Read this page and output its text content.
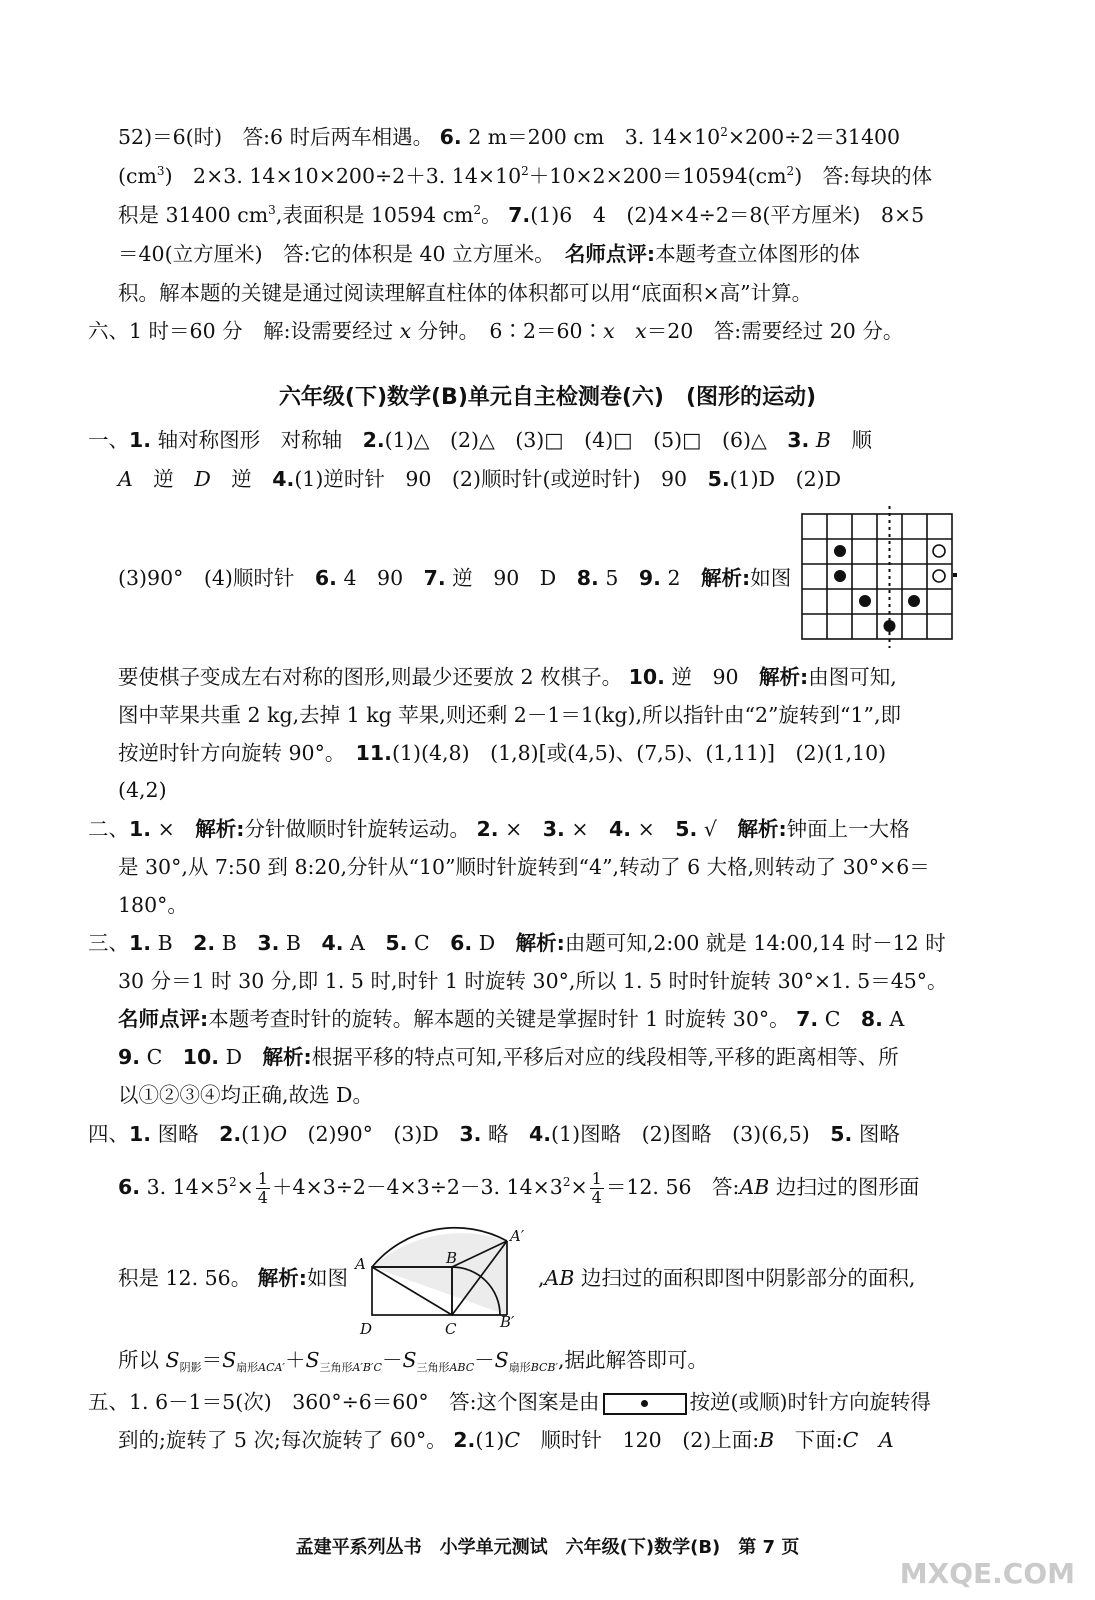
52)＝6(时)　答:6 时后两车相遇。 6. 2 m＝200 cm　3. $14\times 10^2\times 200\div 2=31400$
$(cm^3)$　2×3. 14×10×200÷2＋3. $14\times 10^2+10\times 2\times 200=10594(cm^2)$　答:每块的体
积是 31400 $cm^3$,表面积是 10594 $cm^2$。 7.(1)6　4　(2)4×4÷2＝8(平方厘米)　8×5
＝40(立方厘米)　答:它的体积是 40 立方厘米。　名师点评:本题考查立体图形的体
积。解本题的关键是通过阅读理解直柱体的体积都可以用“底面积×高”计算。
六、1 时＝60 分　解:设需要经过 x 分钟。　6∶2＝60∶x　 x＝20　答:需要经过 20 分。
一、1. 轴对称图形　对称轴　2.(1)△　(2)△　(3)□　(4)□　(5)□　(6)△　3. B　顺
A　逆　D　逆　4.(1)逆时针　90　(2)顺时针(或逆时针)　90　5.(1)D　(2)D
(3)90°　(4)顺时针　6. 4　90　7. 逆　90　D　8. 5　9. 2　解析:如图
要使棋子变成左右对称的图形,则最少还要放 2 枚棋子。 10. 逆　90　解析:由图可知,
图中苹果共重 2 kg,去掉 1 kg 苹果,则还剩 2－1＝1(kg),所以指针由“2”旋转到“1”,即
按逆时针方向旋转 90°。　11.(1)(4,8)　(1,8)[或(4,5)、(7,5)、(1,11)]　(2)(1,10)
(4,2)
二、1. ×　解析:分针做顺时针旋转运动。 2. ×　3. ×　4. ×　5. √　解析:钟面上一大格
是 30°,从 7:50 到 8:20,分针从“10”顺时针旋转到“4”,转动了 6 大格,则转动了 30°×6＝
180°。
三、1. B　2. B　3. B　4. A　5. C　6. D　解析:由题可知,2:00 就是 14:00,14 时－12 时
30 分＝1 时 30 分,即 1. 5 时,时针 1 时旋转 30°,所以 1. 5 时时针旋转 30°×1. 5＝45°。
名师点评:本题考查时针的旋转。解本题的关键是掌握时针 1 时旋转 30°。 7. C　8. A
9. C　10. D　解析:根据平移的特点可知,平移后对应的线段相等,平移的距离相等、所
以①②③④均正确,故选 D。
四、1. 图略　2.(1)O　(2)90°　(3)D　3. 略　4.(1)图略　(2)图略　(3)(6,5)　5. 图略
6. 3. $14\times 5^2\times \frac{1}{4} +4\times 3\div 2-4\times 3\div 2-3$. $14\times 3^2\times \frac{1}{4} =12$. 56　答:AB 边扫过的图形面
积是 12. 56。 解析:如图	,AB 边扫过的面积即图中阴影部分的面积,
所以 $S_{阴影}=S_{扇形ACA'}+S_{三角形A'B'C}-S_{三角形ABC}-S_{扇形BCB'}$,据此解答即可。
五、1. 6－1＝5(次)　360°÷6＝60°　答:这个图案是由	按逆(或顺)时针方向旋转得
到的;旋转了 5 次;每次旋转了 60°。 2.(1)C　顺时针　120　(2)上面:B　下面:C　 A
六年级(下)数学(B)单元自主检测卷(六)　(图形的运动)
A
A′
B
B′
C
D
孟建平系列丛书　小学单元测试　六年级(下)数学(B)　第 7 页
MXQE.COM
